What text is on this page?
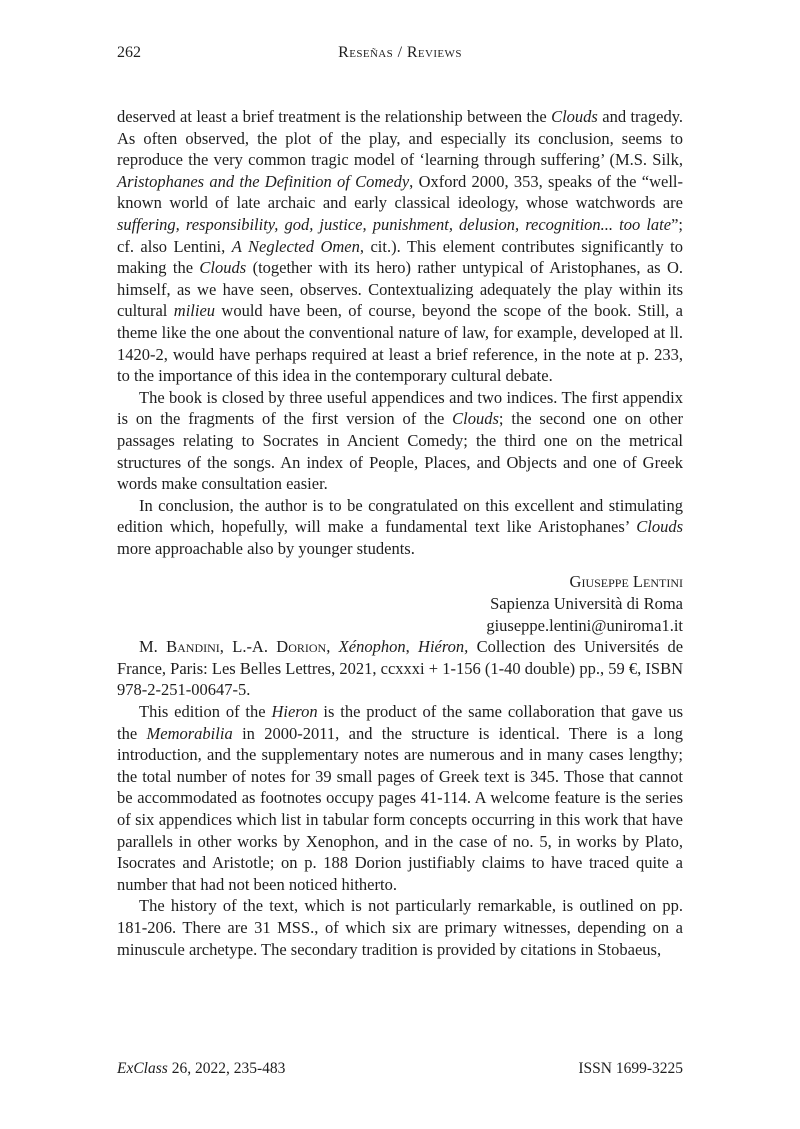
262	Reseñas / Reviews

deserved at least a brief treatment is the relationship between the Clouds and tragedy. As often observed, the plot of the play, and especially its conclusion, seems to reproduce the very common tragic model of ‘learning through suffering’ (M.S. Silk, Aristophanes and the Definition of Comedy, Oxford 2000, 353, speaks of the “well-known world of late archaic and early classical ideology, whose watchwords are suffering, responsibility, god, justice, punishment, delusion, recognition... too late”; cf. also Lentini, A Neglected Omen, cit.). This element contributes significantly to making the Clouds (together with its hero) rather untypical of Aristophanes, as O. himself, as we have seen, observes. Contextualizing adequately the play within its cultural milieu would have been, of course, beyond the scope of the book. Still, a theme like the one about the conventional nature of law, for example, developed at ll. 1420-2, would have perhaps required at least a brief reference, in the note at p. 233, to the importance of this idea in the contemporary cultural debate.

The book is closed by three useful appendices and two indices. The first appendix is on the fragments of the first version of the Clouds; the second one on other passages relating to Socrates in Ancient Comedy; the third one on the metrical structures of the songs. An index of People, Places, and Objects and one of Greek words make consultation easier.

In conclusion, the author is to be congratulated on this excellent and stimulating edition which, hopefully, will make a fundamental text like Aristophanes’ Clouds more approachable also by younger students.

Giuseppe Lentini
Sapienza Università di Roma
giuseppe.lentini@uniroma1.it

M. Bandini, L.-A. Dorion, Xénophon, Hiéron, Collection des Universités de France, Paris: Les Belles Lettres, 2021, ccxxxi + 1-156 (1-40 double) pp., 59 €, ISBN 978-2-251-00647-5.

This edition of the Hieron is the product of the same collaboration that gave us the Memorabilia in 2000-2011, and the structure is identical. There is a long introduction, and the supplementary notes are numerous and in many cases lengthy; the total number of notes for 39 small pages of Greek text is 345. Those that cannot be accommodated as footnotes occupy pages 41-114. A welcome feature is the series of six appendices which list in tabular form concepts occurring in this work that have parallels in other works by Xenophon, and in the case of no. 5, in works by Plato, Isocrates and Aristotle; on p. 188 Dorion justifiably claims to have traced quite a number that had not been noticed hitherto.

The history of the text, which is not particularly remarkable, is outlined on pp. 181-206. There are 31 MSS., of which six are primary witnesses, depending on a minuscule archetype. The secondary tradition is provided by citations in Stobaeus,

ExClass 26, 2022, 235-483	ISSN 1699-3225
